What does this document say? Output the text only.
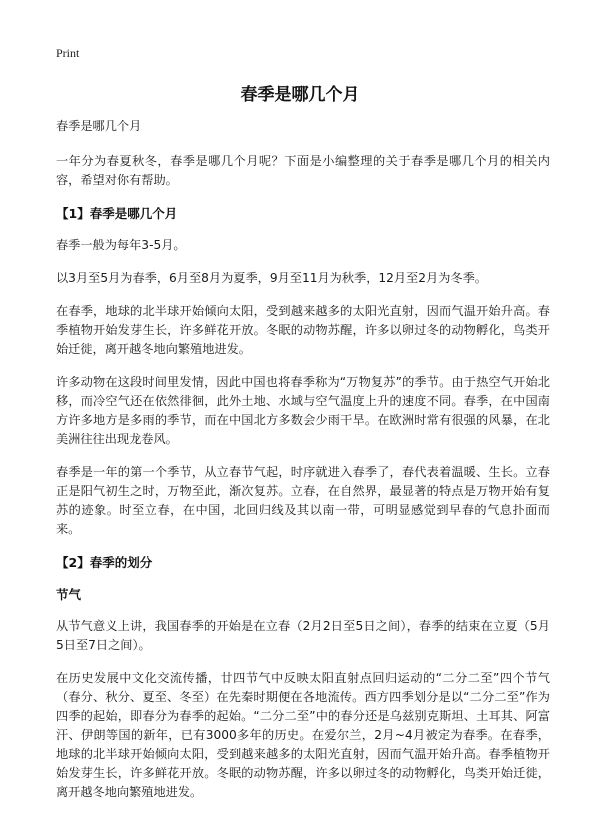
Print
春季是哪几个月

春季是哪几个月

一年分为春夏秋冬，春季是哪几个月呢？下面是小编整理的关于春季是哪几个月的相关内容，希望对你有帮助。

【1】春季是哪几个月

春季一般为每年3-5月。

以3月至5月为春季，6月至8月为夏季，9月至11月为秋季，12月至2月为冬季。

在春季，地球的北半球开始倾向太阳，受到越来越多的太阳光直射，因而气温开始升高。春季植物开始发芽生长，许多鲜花开放。冬眠的动物苏醒，许多以卵过冬的动物孵化，鸟类开始迁徙，离开越冬地向繁殖地进发。

许多动物在这段时间里发情，因此中国也将春季称为“万物复苏”的季节。由于热空气开始北移，而冷空气还在依然徘徊，此外土地、水域与空气温度上升的速度不同。春季，在中国南方许多地方是多雨的季节，而在中国北方多数会少雨干旱。在欧洲时常有很强的风暴，在北美洲往往出现龙卷风。

春季是一年的第一个季节，从立春节气起，时序就进入春季了，春代表着温暖、生长。立春正是阳气初生之时，万物至此，渐次复苏。立春，在自然界，最显著的特点是万物开始有复苏的迹象。时至立春，在中国，北回归线及其以南一带，可明显感觉到早春的气息扑面而来。

【2】春季的划分
节气

从节气意义上讲，我国春季的开始是在立春（2月2日至5日之间），春季的结束在立夏（5月5日至7日之间）。

在历史发展中文化交流传播，廿四节气中反映太阳直射点回归运动的“二分二至”四个节气（春分、秋分、夏至、冬至）在先秦时期便在各地流传。西方四季划分是以“二分二至”作为四季的起始，即春分为春季的起始。“二分二至”中的春分还是乌兹别克斯坦、土耳其、阿富汗、伊朗等国的新年，已有3000多年的历史。在爱尔兰，2月~4月被定为春季。在春季，地球的北半球开始倾向太阳，受到越来越多的太阳光直射，因而气温开始升高。春季植物开始发芽生长，许多鲜花开放。冬眠的动物苏醒，许多以卵过冬的动物孵化，鸟类开始迁徙，离开越冬地向繁殖地进发。
